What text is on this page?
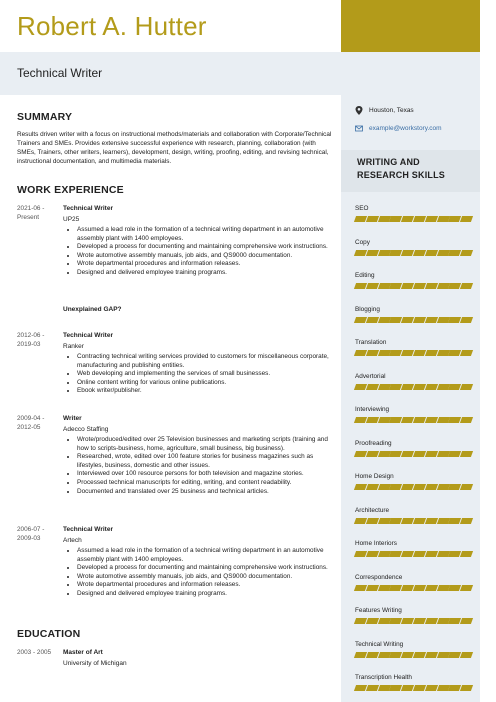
Robert A. Hutter
Technical Writer
SUMMARY

Results driven writer with a focus on instructional methods/materials and collaboration with Corporate/Technical Trainers and SMEs. Provides extensive successful experience with research, planning, collaboration (with SMEs, Trainers, other writers, learners), development, design, writing, proofing, editing, and revising technical, instructional documentation, and multimedia materials.

WORK EXPERIENCE
2021-06 -
Present
Technical Writer
UP25
• Assumed a lead role in the formation of a technical writing department in an automotive assembly plant with 1400 employees.
• Developed a process for documenting and maintaining comprehensive work instructions.
• Wrote automotive assembly manuals, job aids, and QS9000 documentation.
• Wrote departmental procedures and information releases.
• Designed and delivered employee training programs.
Unexplained GAP?
2012-06 -
2019-03
Technical Writer
Ranker
• Contracting technical writing services provided to customers for miscellaneous corporate, manufacturing and publishing entities.
• Web developing and implementing the services of small businesses.
• Online content writing for various online publications.
• Ebook writer/publisher.
2009-04 -
2012-05
Writer
Adecco Staffing
• Wrote/produced/edited over 25 Television businesses and marketing scripts (training and how to scripts-business, home, agriculture, small business, big business).
• Researched, wrote, edited over 100 feature stories for business magazines such as lifestyles, business, domestic and other issues.
• Interviewed over 100 resource persons for both television and magazine stories.
• Processed technical manuscripts for editing, writing, and content readability.
• Documented and translated over 25 business and technical articles.
2006-07 -
2009-03
Technical Writer
Artech
• Assumed a lead role in the formation of a technical writing department in an automotive assembly plant with 1400 employees.
• Developed a process for documenting and maintaining comprehensive work instructions.
• Wrote automotive assembly manuals, job aids, and QS9000 documentation.
• Wrote departmental procedures and information releases.
• Designed and delivered employee training programs.
EDUCATION
2003 - 2005	Master of Art
University of Michigan
Houston, Texas
example@workstory.com
WRITING AND RESEARCH SKILLS
SEO
Copy
Editing
Blogging
Translation
Advertorial
Interviewing
Proofreading
Home Design
Architecture
Home Interiors
Correspondence
Features Writing
Technical Writing
Transcription Health
